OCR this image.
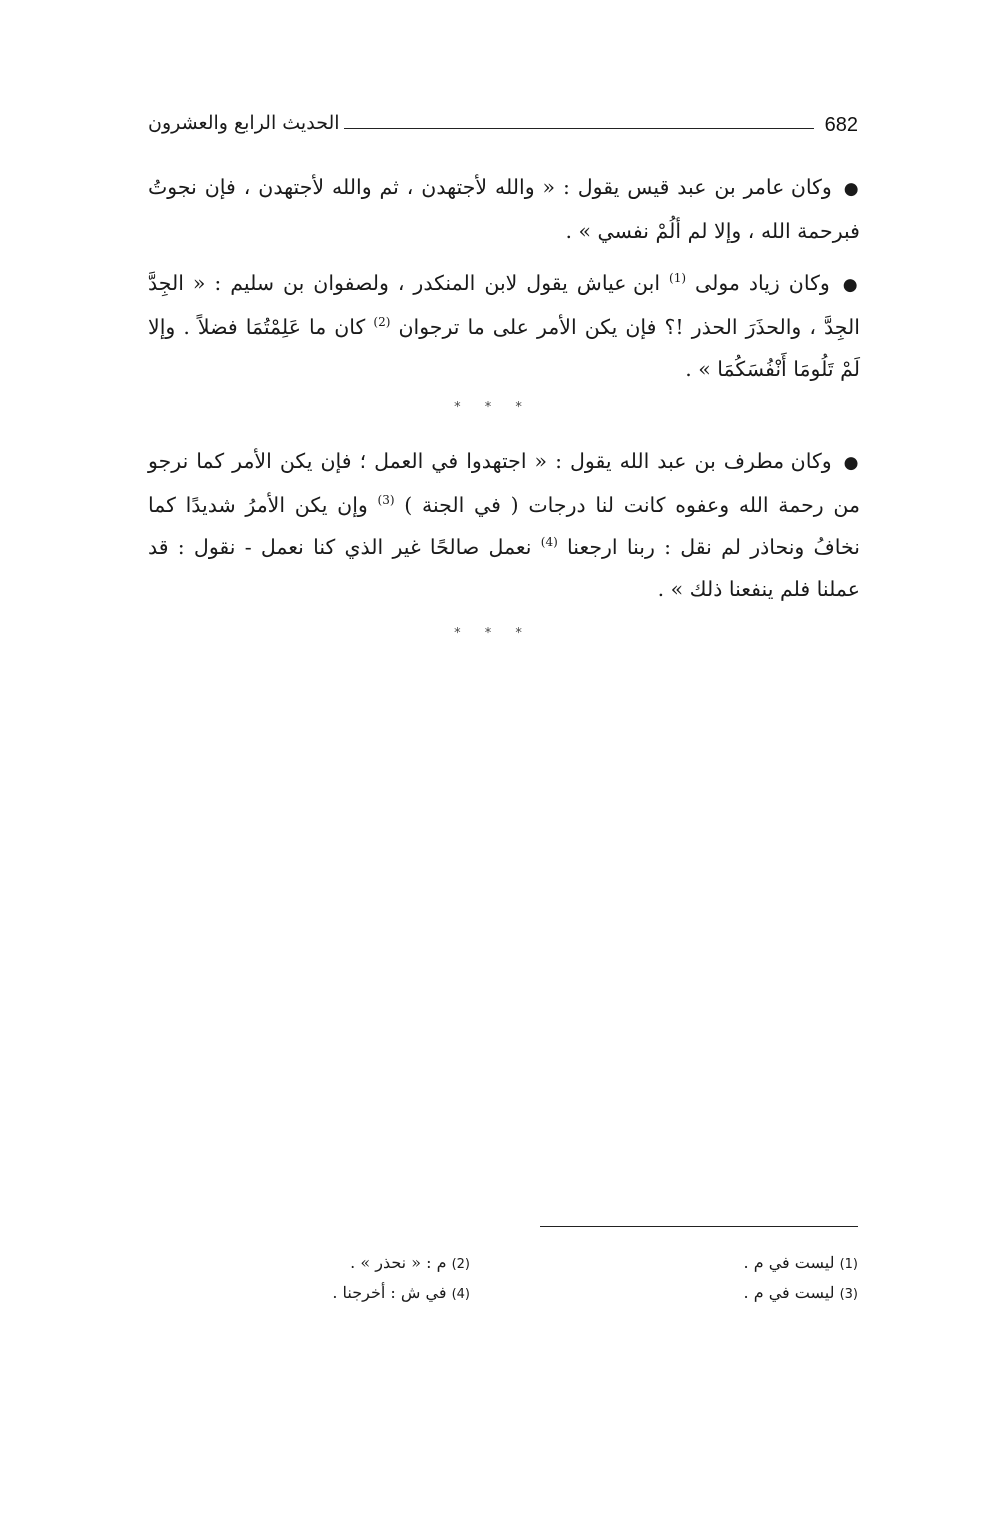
الحديث الرابع والعشرون	682

● وكان عامر بن عبد قيس يقول : « والله لأجتهدن ، ثم والله لأجتهدن ، فإن نجوتُ فبرحمة الله ، وإلا لم ألُمْ نفسي » .

● وكان زياد مولى $^{(1)}$ ابن عياش يقول لابن المنكدر ، ولصفوان بن سليم : « الجِدَّ الجِدَّ ، والحذَرَ الحذر !؟ فإن يكن الأمر على ما ترجوان $^{(2)}$ كان ما عَلِمْتُمَا فضلاً . وإلا لَمْ تَلُومَا أَنْفُسَكُمَا » .

* * *

● وكان مطرف بن عبد الله يقول : « اجتهدوا في العمل ؛ فإن يكن الأمر كما نرجو من رحمة الله وعفوه كانت لنا درجات ( في الجنة ) $^{(3)}$ وإن يكن الأمرُ شديدًا كما نخافُ ونحاذر لم نقل : ربنا ارجعنا $^{(4)}$ نعمل صالحًا غير الذي كنا نعمل - نقول : قد عملنا فلم ينفعنا ذلك » .

* * *
(1) ليست في م .
(2) م : « نحذر » .
(3) ليست في م .
(4) في ش : أخرجنا .
